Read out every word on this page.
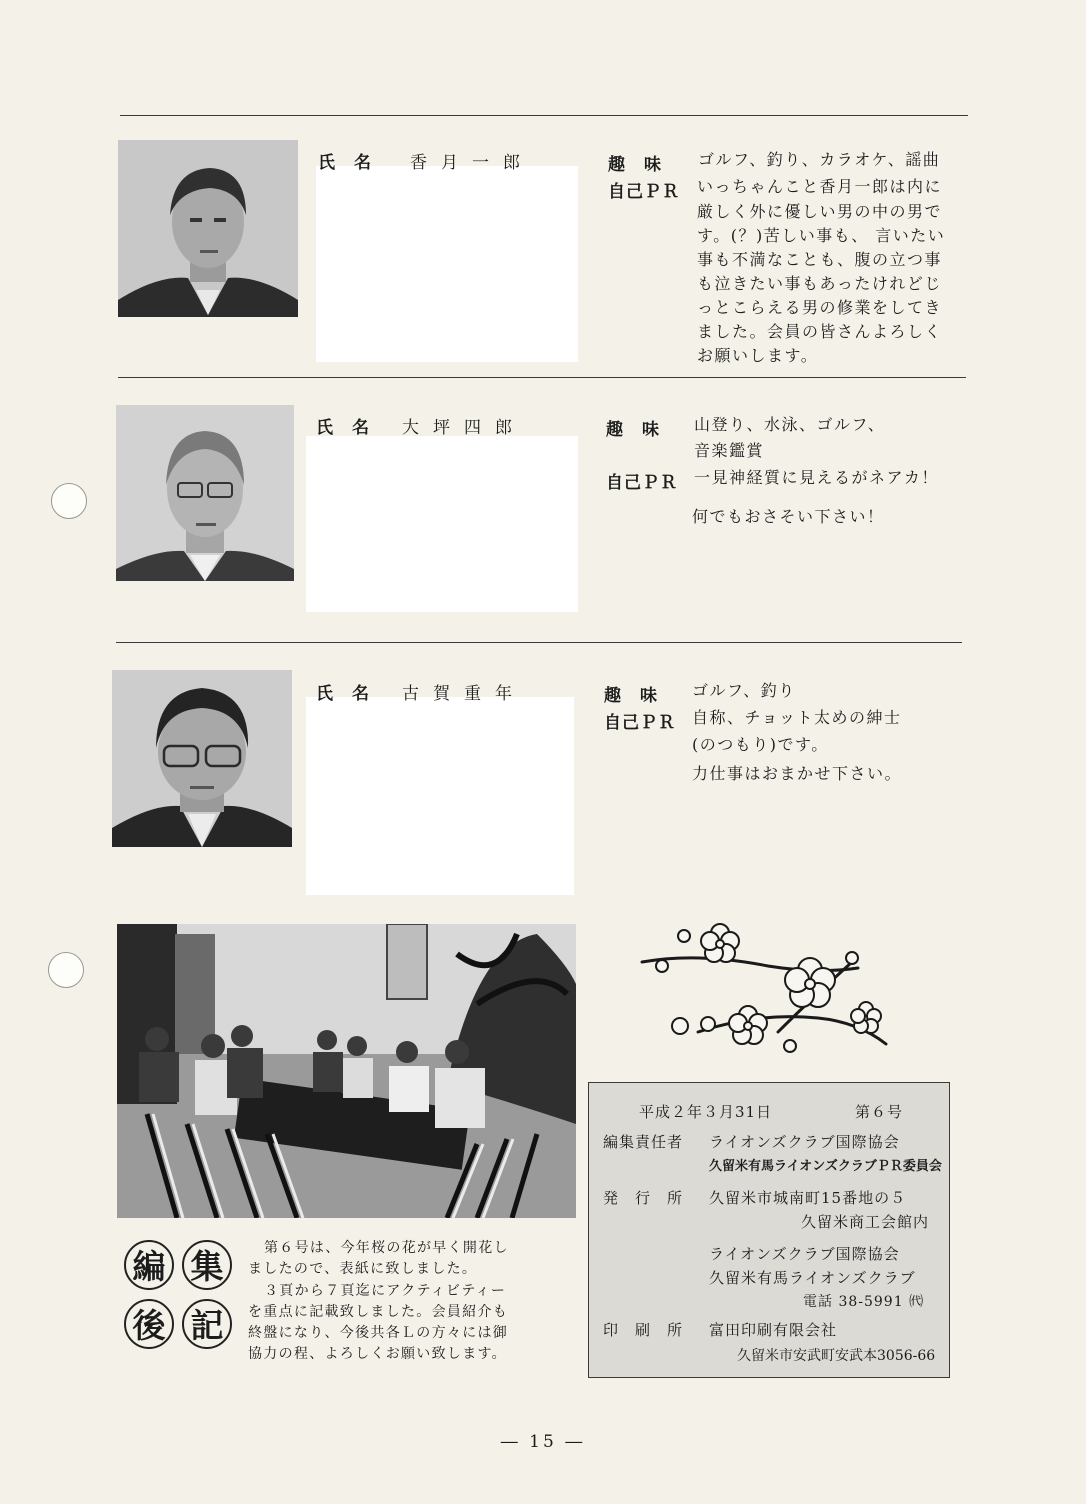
氏　名 香月一郎	趣　味 ゴルフ、釣り、カラオケ、謡曲
自己ＰＲ いっちゃんこと香月一郎は内に
厳しく外に優しい男の中の男で
す。(？)苦しい事も、 言いたい
事も不満なことも、腹の立つ事
も泣きたい事もあったけれどじ
っとこらえる男の修業をしてき
ました。会員の皆さんよろしく
お願いします。
氏　名 大坪四郎	趣　味 山登り、水泳、ゴルフ、
音楽鑑賞
自己ＰＲ 一見神経質に見えるがネアカ！
何でもおさそい下さい！
氏　名 古賀重年	趣　味 ゴルフ、釣り
自己ＰＲ 自称、チョット太めの紳士
(のつもり)です。
力仕事はおまかせ下さい。
編 集
後 記
第６号は、今年桜の花が早く開花し
ましたので、表紙に致しました。
３頁から７頁迄にアクティビティー
を重点に記載致しました。会員紹介も
終盤になり、今後共各Ｌの方々には御
協力の程、よろしくお願い致します。
平成２年３月31日	第６号
編集責任者 ライオンズクラブ国際協会
久留米有馬ライオンズクラブＰＲ委員会
発　行　所 久留米市城南町15番地の５
久留米商工会館内
ライオンズクラブ国際協会
久留米有馬ライオンズクラブ
電話 38-5991 ㈹
印　刷　所 富田印刷有限会社
久留米市安武町安武本3056-66
― 15 ―
